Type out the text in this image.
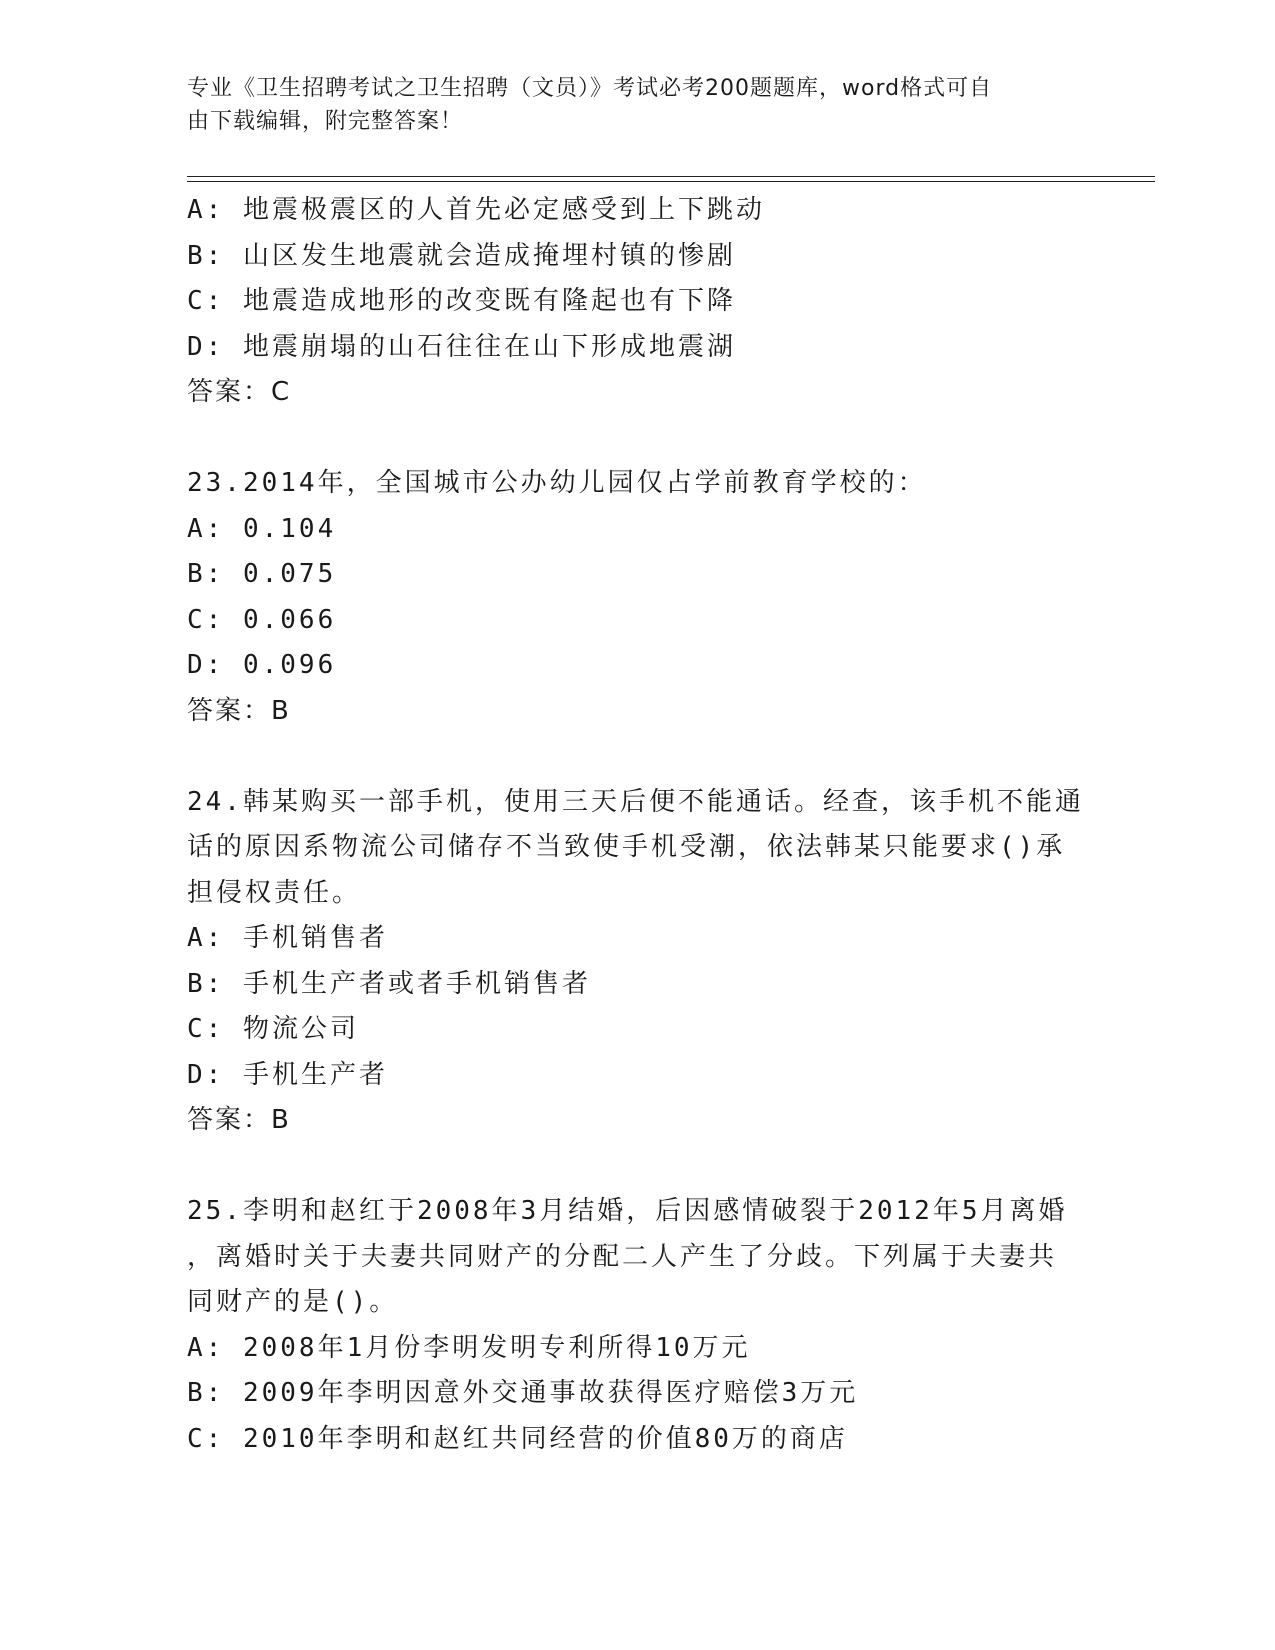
专业《卫生招聘考试之卫生招聘（文员）》考试必考200题题库，word格式可自
由下载编辑，附完整答案！
A: 地震极震区的人首先必定感受到上下跳动
B: 山区发生地震就会造成掩埋村镇的惨剧
C: 地震造成地形的改变既有隆起也有下降
D: 地震崩塌的山石往往在山下形成地震湖
答案：C
23.2014年，全国城市公办幼儿园仅占学前教育学校的：
A: 0.104
B: 0.075
C: 0.066
D: 0.096
答案：B
24.韩某购买一部手机，使用三天后便不能通话。经查，该手机不能通
话的原因系物流公司储存不当致使手机受潮，依法韩某只能要求()承
担侵权责任。
A: 手机销售者
B: 手机生产者或者手机销售者
C: 物流公司
D: 手机生产者
答案：B
25.李明和赵红于2008年3月结婚，后因感情破裂于2012年5月离婚
，离婚时关于夫妻共同财产的分配二人产生了分歧。下列属于夫妻共
同财产的是()。
A: 2008年1月份李明发明专利所得10万元
B: 2009年李明因意外交通事故获得医疗赔偿3万元
C: 2010年李明和赵红共同经营的价值80万的商店
